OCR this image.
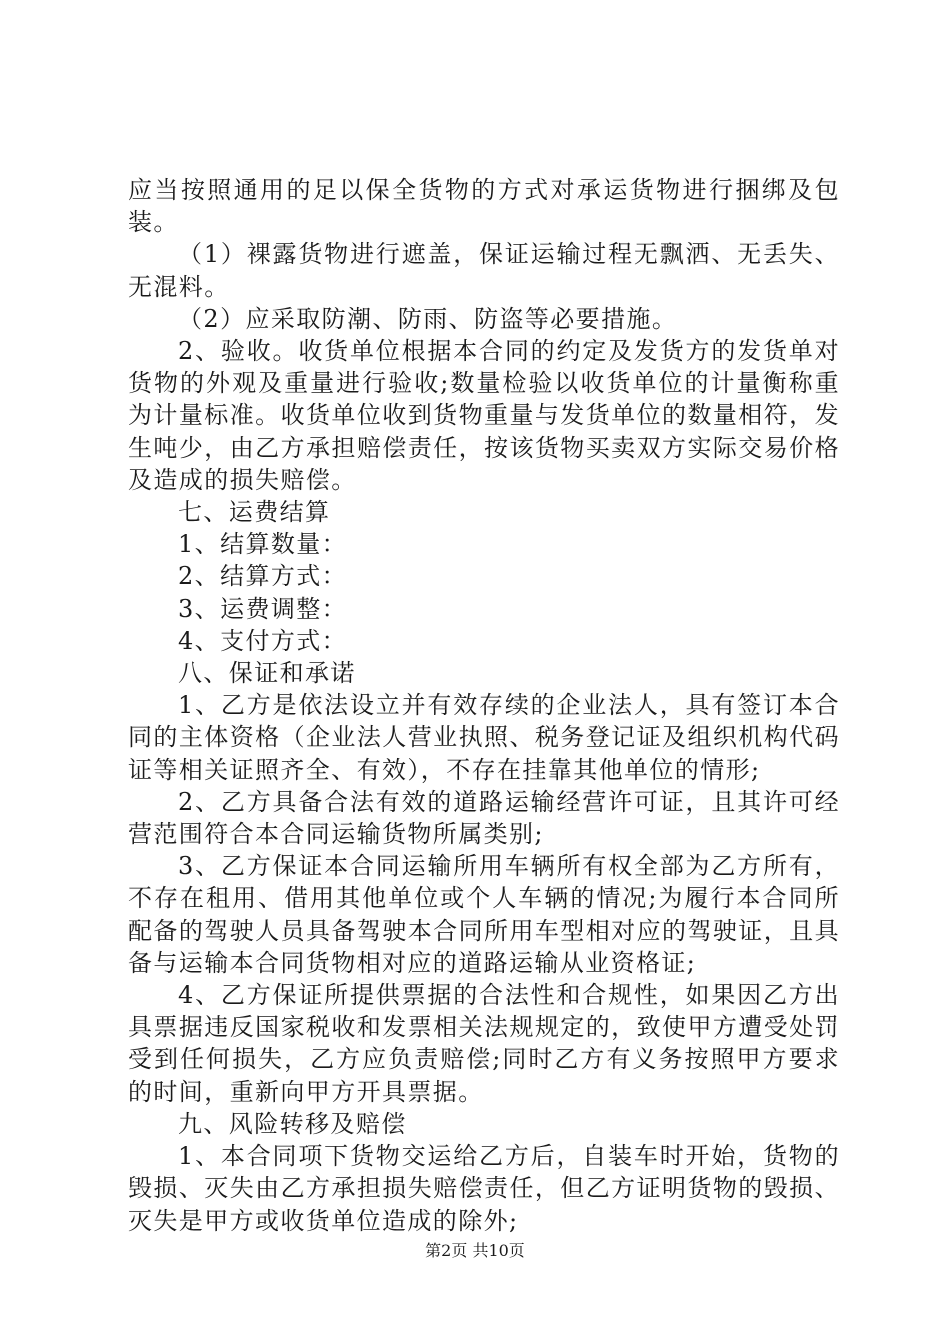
应当按照通用的足以保全货物的方式对承运货物进行捆绑及包装。

（1）裸露货物进行遮盖，保证运输过程无飘洒、无丢失、无混料。

（2）应采取防潮、防雨、防盗等必要措施。

2、验收。收货单位根据本合同的约定及发货方的发货单对货物的外观及重量进行验收;数量检验以收货单位的计量衡称重为计量标准。收货单位收到货物重量与发货单位的数量相符，发生吨少，由乙方承担赔偿责任，按该货物买卖双方实际交易价格及造成的损失赔偿。

七、运费结算

1、结算数量：

2、结算方式：

3、运费调整：

4、支付方式：

八、保证和承诺

1、乙方是依法设立并有效存续的企业法人，具有签订本合同的主体资格（企业法人营业执照、税务登记证及组织机构代码证等相关证照齐全、有效），不存在挂靠其他单位的情形;

2、乙方具备合法有效的道路运输经营许可证，且其许可经营范围符合本合同运输货物所属类别;

3、乙方保证本合同运输所用车辆所有权全部为乙方所有，不存在租用、借用其他单位或个人车辆的情况;为履行本合同所配备的驾驶人员具备驾驶本合同所用车型相对应的驾驶证，且具备与运输本合同货物相对应的道路运输从业资格证;

4、乙方保证所提供票据的合法性和合规性，如果因乙方出具票据违反国家税收和发票相关法规规定的，致使甲方遭受处罚受到任何损失，乙方应负责赔偿;同时乙方有义务按照甲方要求的时间，重新向甲方开具票据。

九、风险转移及赔偿

1、本合同项下货物交运给乙方后，自装车时开始，货物的毁损、灭失由乙方承担损失赔偿责任，但乙方证明货物的毁损、灭失是甲方或收货单位造成的除外;

第2页 共10页
